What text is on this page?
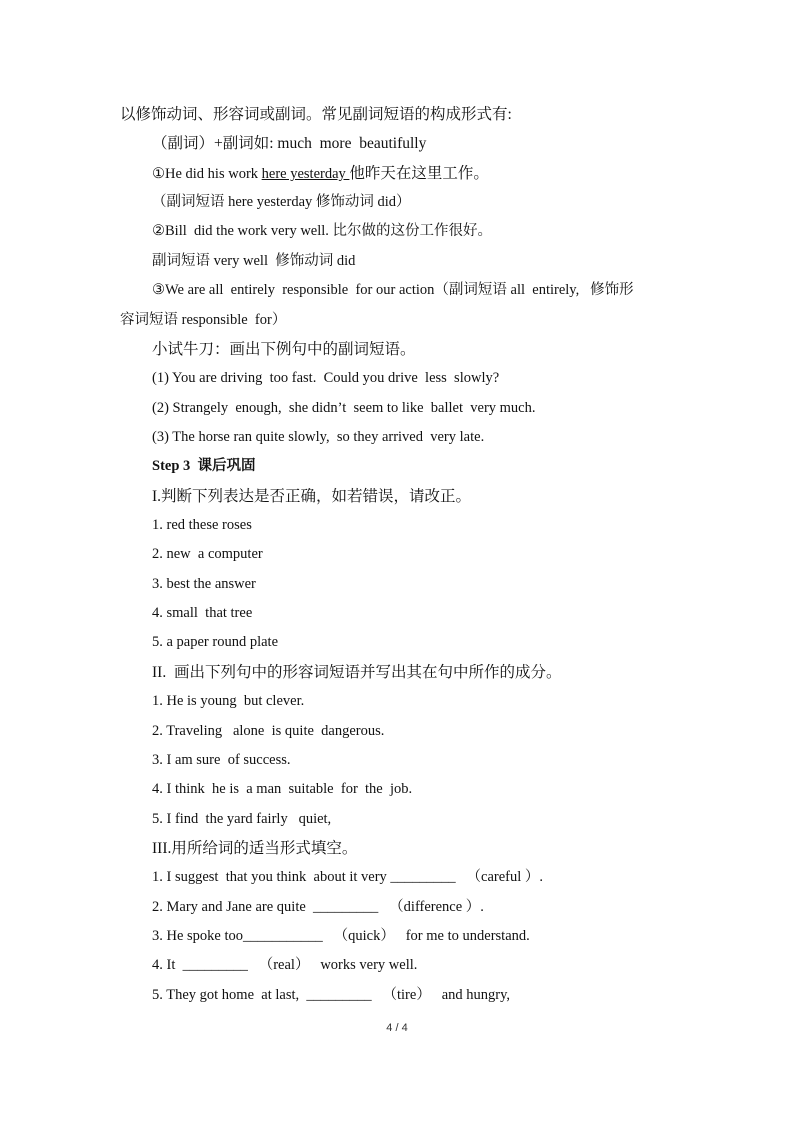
以修饰动词、形容词或副词。常见副词短语的构成形式有:
（副词）+副词如: much  more  beautifully
①He did his work here yesterday 他昨天在这里工作。
（副词短语 here yesterday 修饰动词 did）
②Bill  did the work very well. 比尔做的这份工作很好。
副词短语 very well  修饰动词 did
③We are all  entirely  responsible  for our action（副词短语 all  entirely,   修饰形
容词短语 responsible  for）
小试牛刀：画出下例句中的副词短语。
(1) You are driving  too fast.  Could you drive  less  slowly?
(2) Strangely  enough,  she didn’t  seem to like  ballet  very much.
(3) The horse ran quite slowly,  so they arrived  very late.
Step 3  课后巩固
I.判断下列表达是否正确，如若错误，请改正。
1. red these roses
2. new  a computer
3. best the answer
4. small  that tree
5. a paper round plate
II.  画出下列句中的形容词短语并写出其在句中所作的成分。
1. He is young  but clever.
2. Traveling   alone  is quite  dangerous.
3. I am sure  of success.
4. I think  he is  a man  suitable  for  the  job.
5. I find  the yard fairly   quiet,
III.用所给词的适当形式填空。
1. I suggest  that you think  about it very _________   （careful ）.
2. Mary and Jane are quite  _________   （difference ）.
3. He spoke too___________   （quick）   for me to understand.
4. It  _________   （real）   works very well.
5. They got home  at last,  _________   （tire）   and hungry,
4 / 4
